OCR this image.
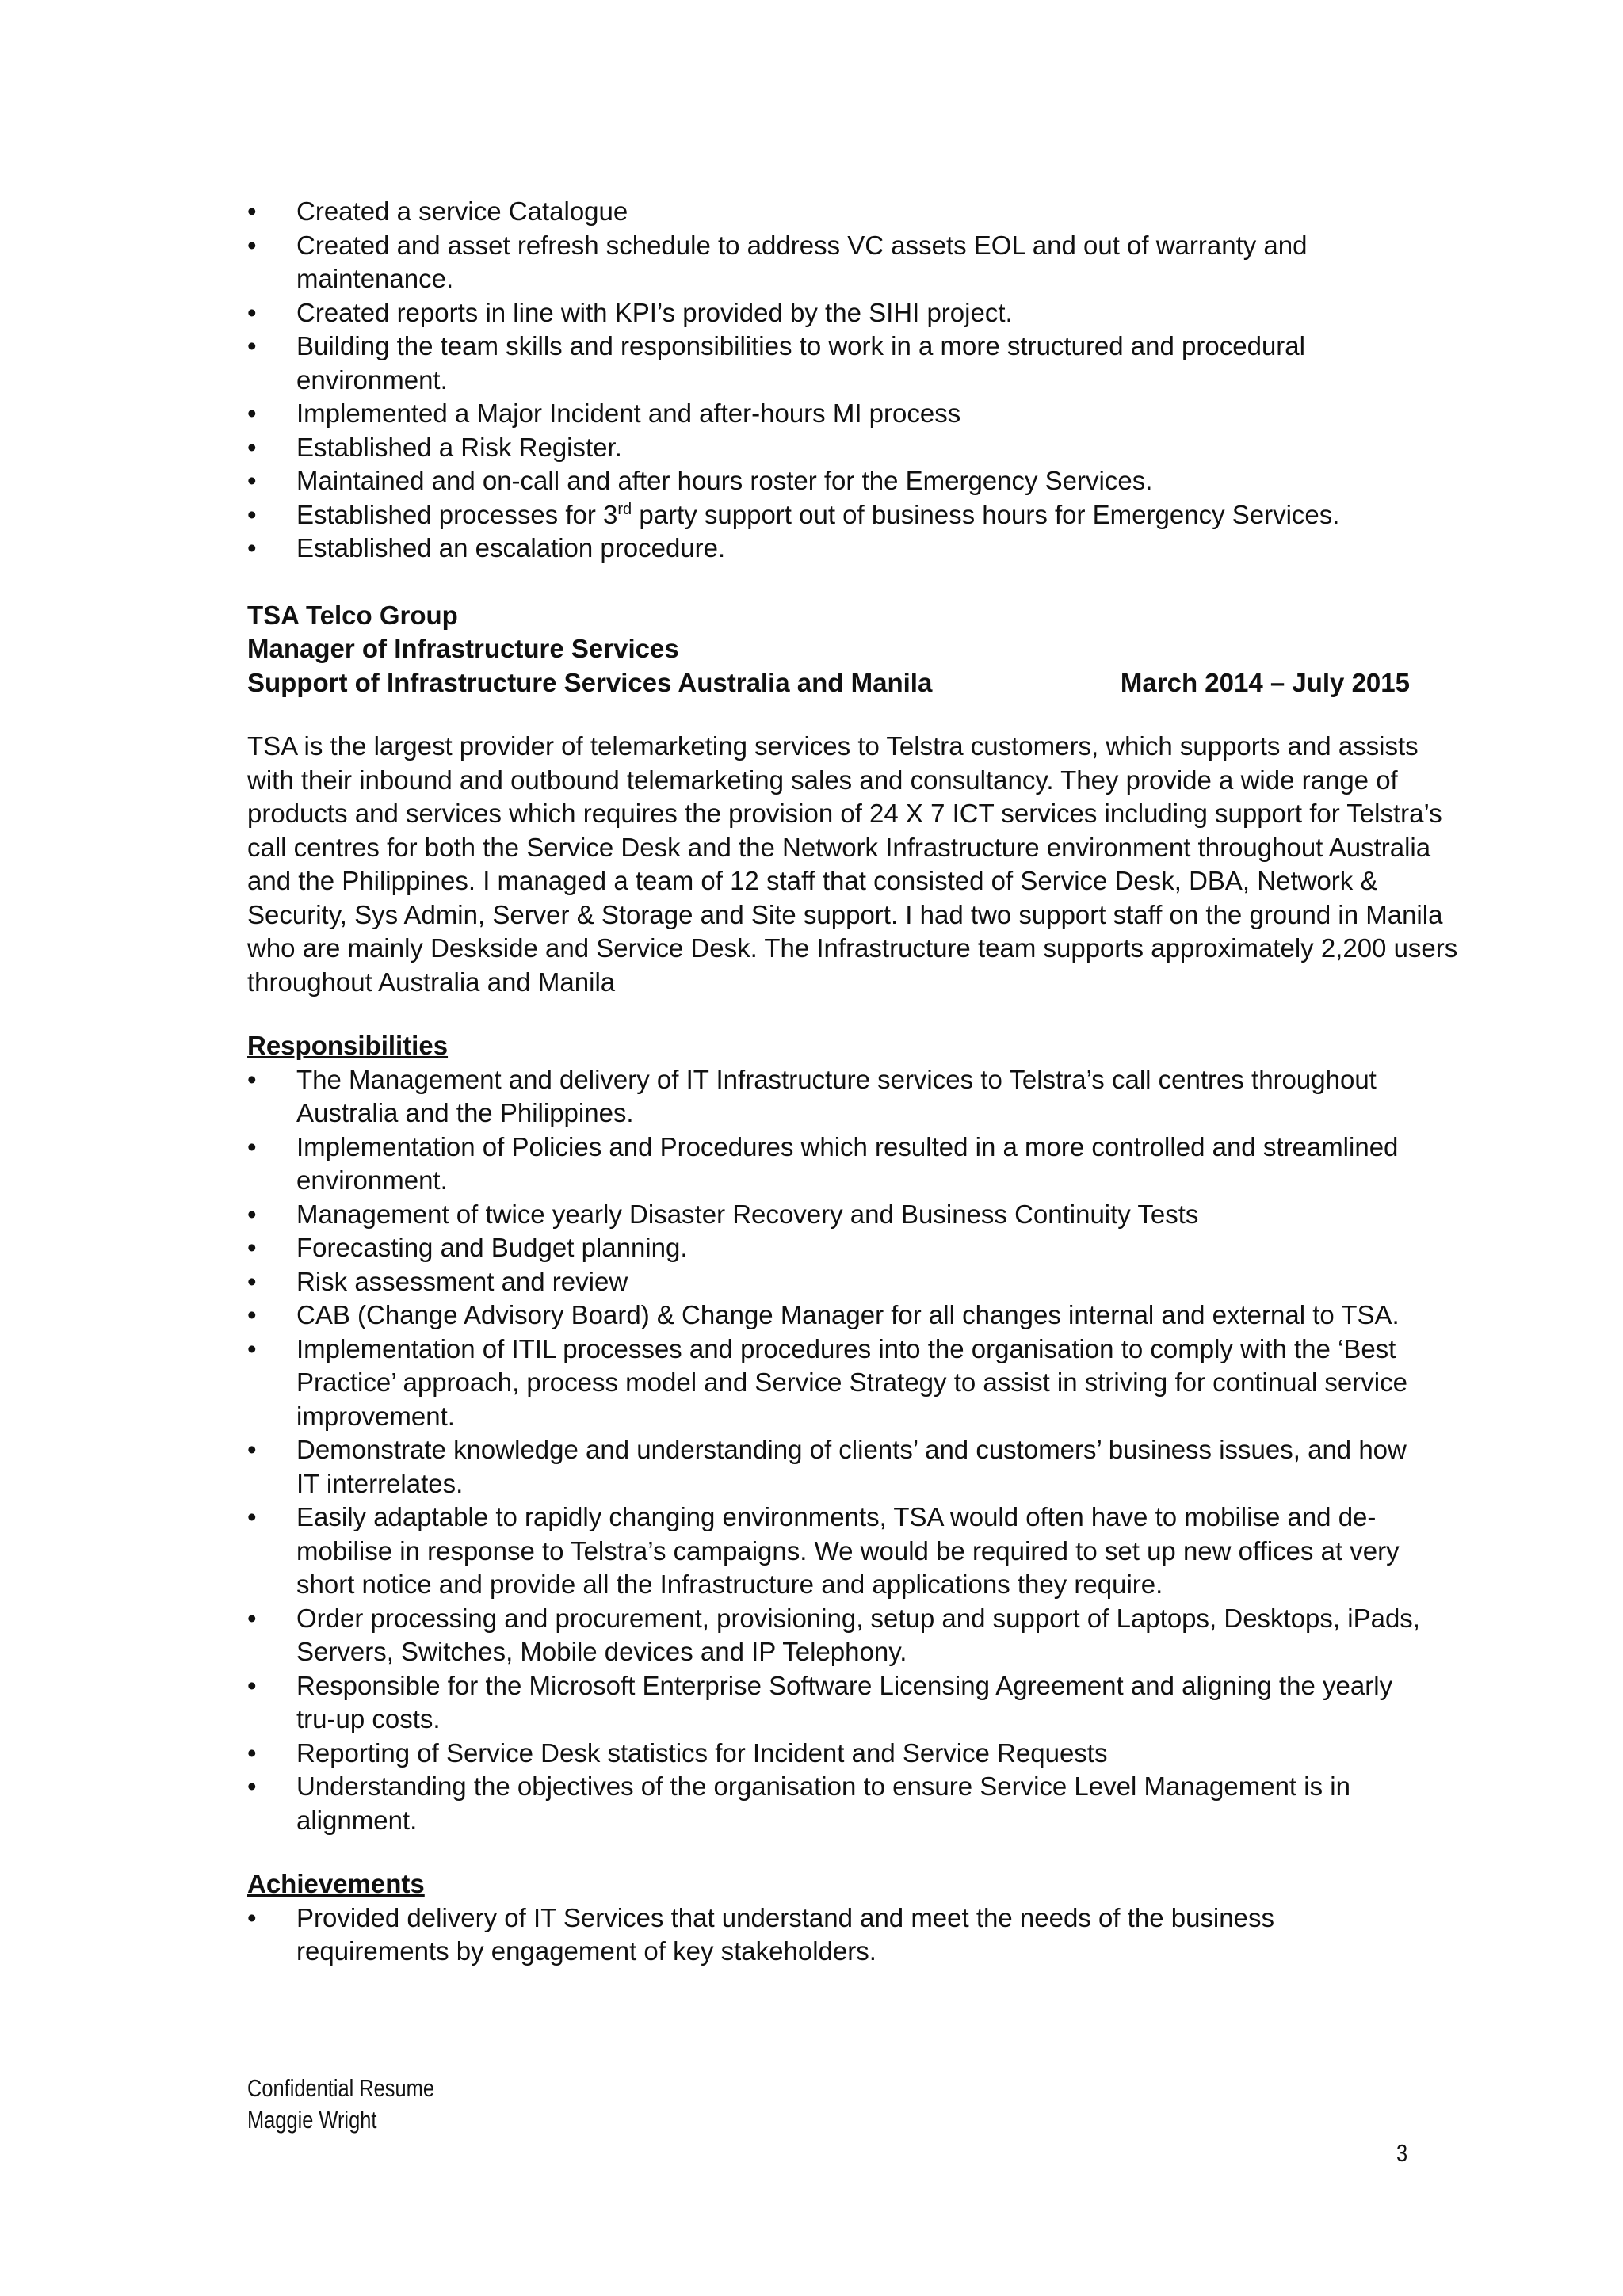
• Created a service Catalogue
• Created and asset refresh schedule to address VC assets EOL and out of warranty and maintenance.
• Created reports in line with KPI’s provided by the SIHI project.
• Building the team skills and responsibilities to work in a more structured and procedural environment.
• Implemented a Major Incident and after-hours MI process
• Established a Risk Register.
• Maintained and on-call and after hours roster for the Emergency Services.
• Established processes for 3rd party support out of business hours for Emergency Services.
• Established an escalation procedure.
TSA Telco Group
Manager of Infrastructure Services
Support of Infrastructure Services Australia and Manila	March 2014 – July 2015
TSA is the largest provider of telemarketing services to Telstra customers, which supports and assists with their inbound and outbound telemarketing sales and consultancy. They provide a wide range of products and services which requires the provision of 24 X 7 ICT services including support for Telstra’s call centres for both the Service Desk and the Network Infrastructure environment throughout Australia and the Philippines. I managed a team of 12 staff that consisted of Service Desk, DBA, Network & Security, Sys Admin, Server & Storage and Site support. I had two support staff on the ground in Manila who are mainly Deskside and Service Desk. The Infrastructure team supports approximately 2,200 users throughout Australia and Manila
Responsibilities
• The Management and delivery of IT Infrastructure services to Telstra’s call centres throughout Australia and the Philippines.
• Implementation of Policies and Procedures which resulted in a more controlled and streamlined environment.
• Management of twice yearly Disaster Recovery and Business Continuity Tests
• Forecasting and Budget planning.
• Risk assessment and review
• CAB (Change Advisory Board) & Change Manager for all changes internal and external to TSA.
• Implementation of ITIL processes and procedures into the organisation to comply with the ‘Best Practice’ approach, process model and Service Strategy to assist in striving for continual service improvement.
• Demonstrate knowledge and understanding of clients’ and customers’ business issues, and how IT interrelates.
• Easily adaptable to rapidly changing environments, TSA would often have to mobilise and de-mobilise in response to Telstra’s campaigns. We would be required to set up new offices at very short notice and provide all the Infrastructure and applications they require.
• Order processing and procurement, provisioning, setup and support of Laptops, Desktops, iPads, Servers, Switches, Mobile devices and IP Telephony.
• Responsible for the Microsoft Enterprise Software Licensing Agreement and aligning the yearly tru-up costs.
• Reporting of Service Desk statistics for Incident and Service Requests
• Understanding the objectives of the organisation to ensure Service Level Management is in alignment.
Achievements
• Provided delivery of IT Services that understand and meet the needs of the business requirements by engagement of key stakeholders.
Confidential Resume
Maggie Wright
3
